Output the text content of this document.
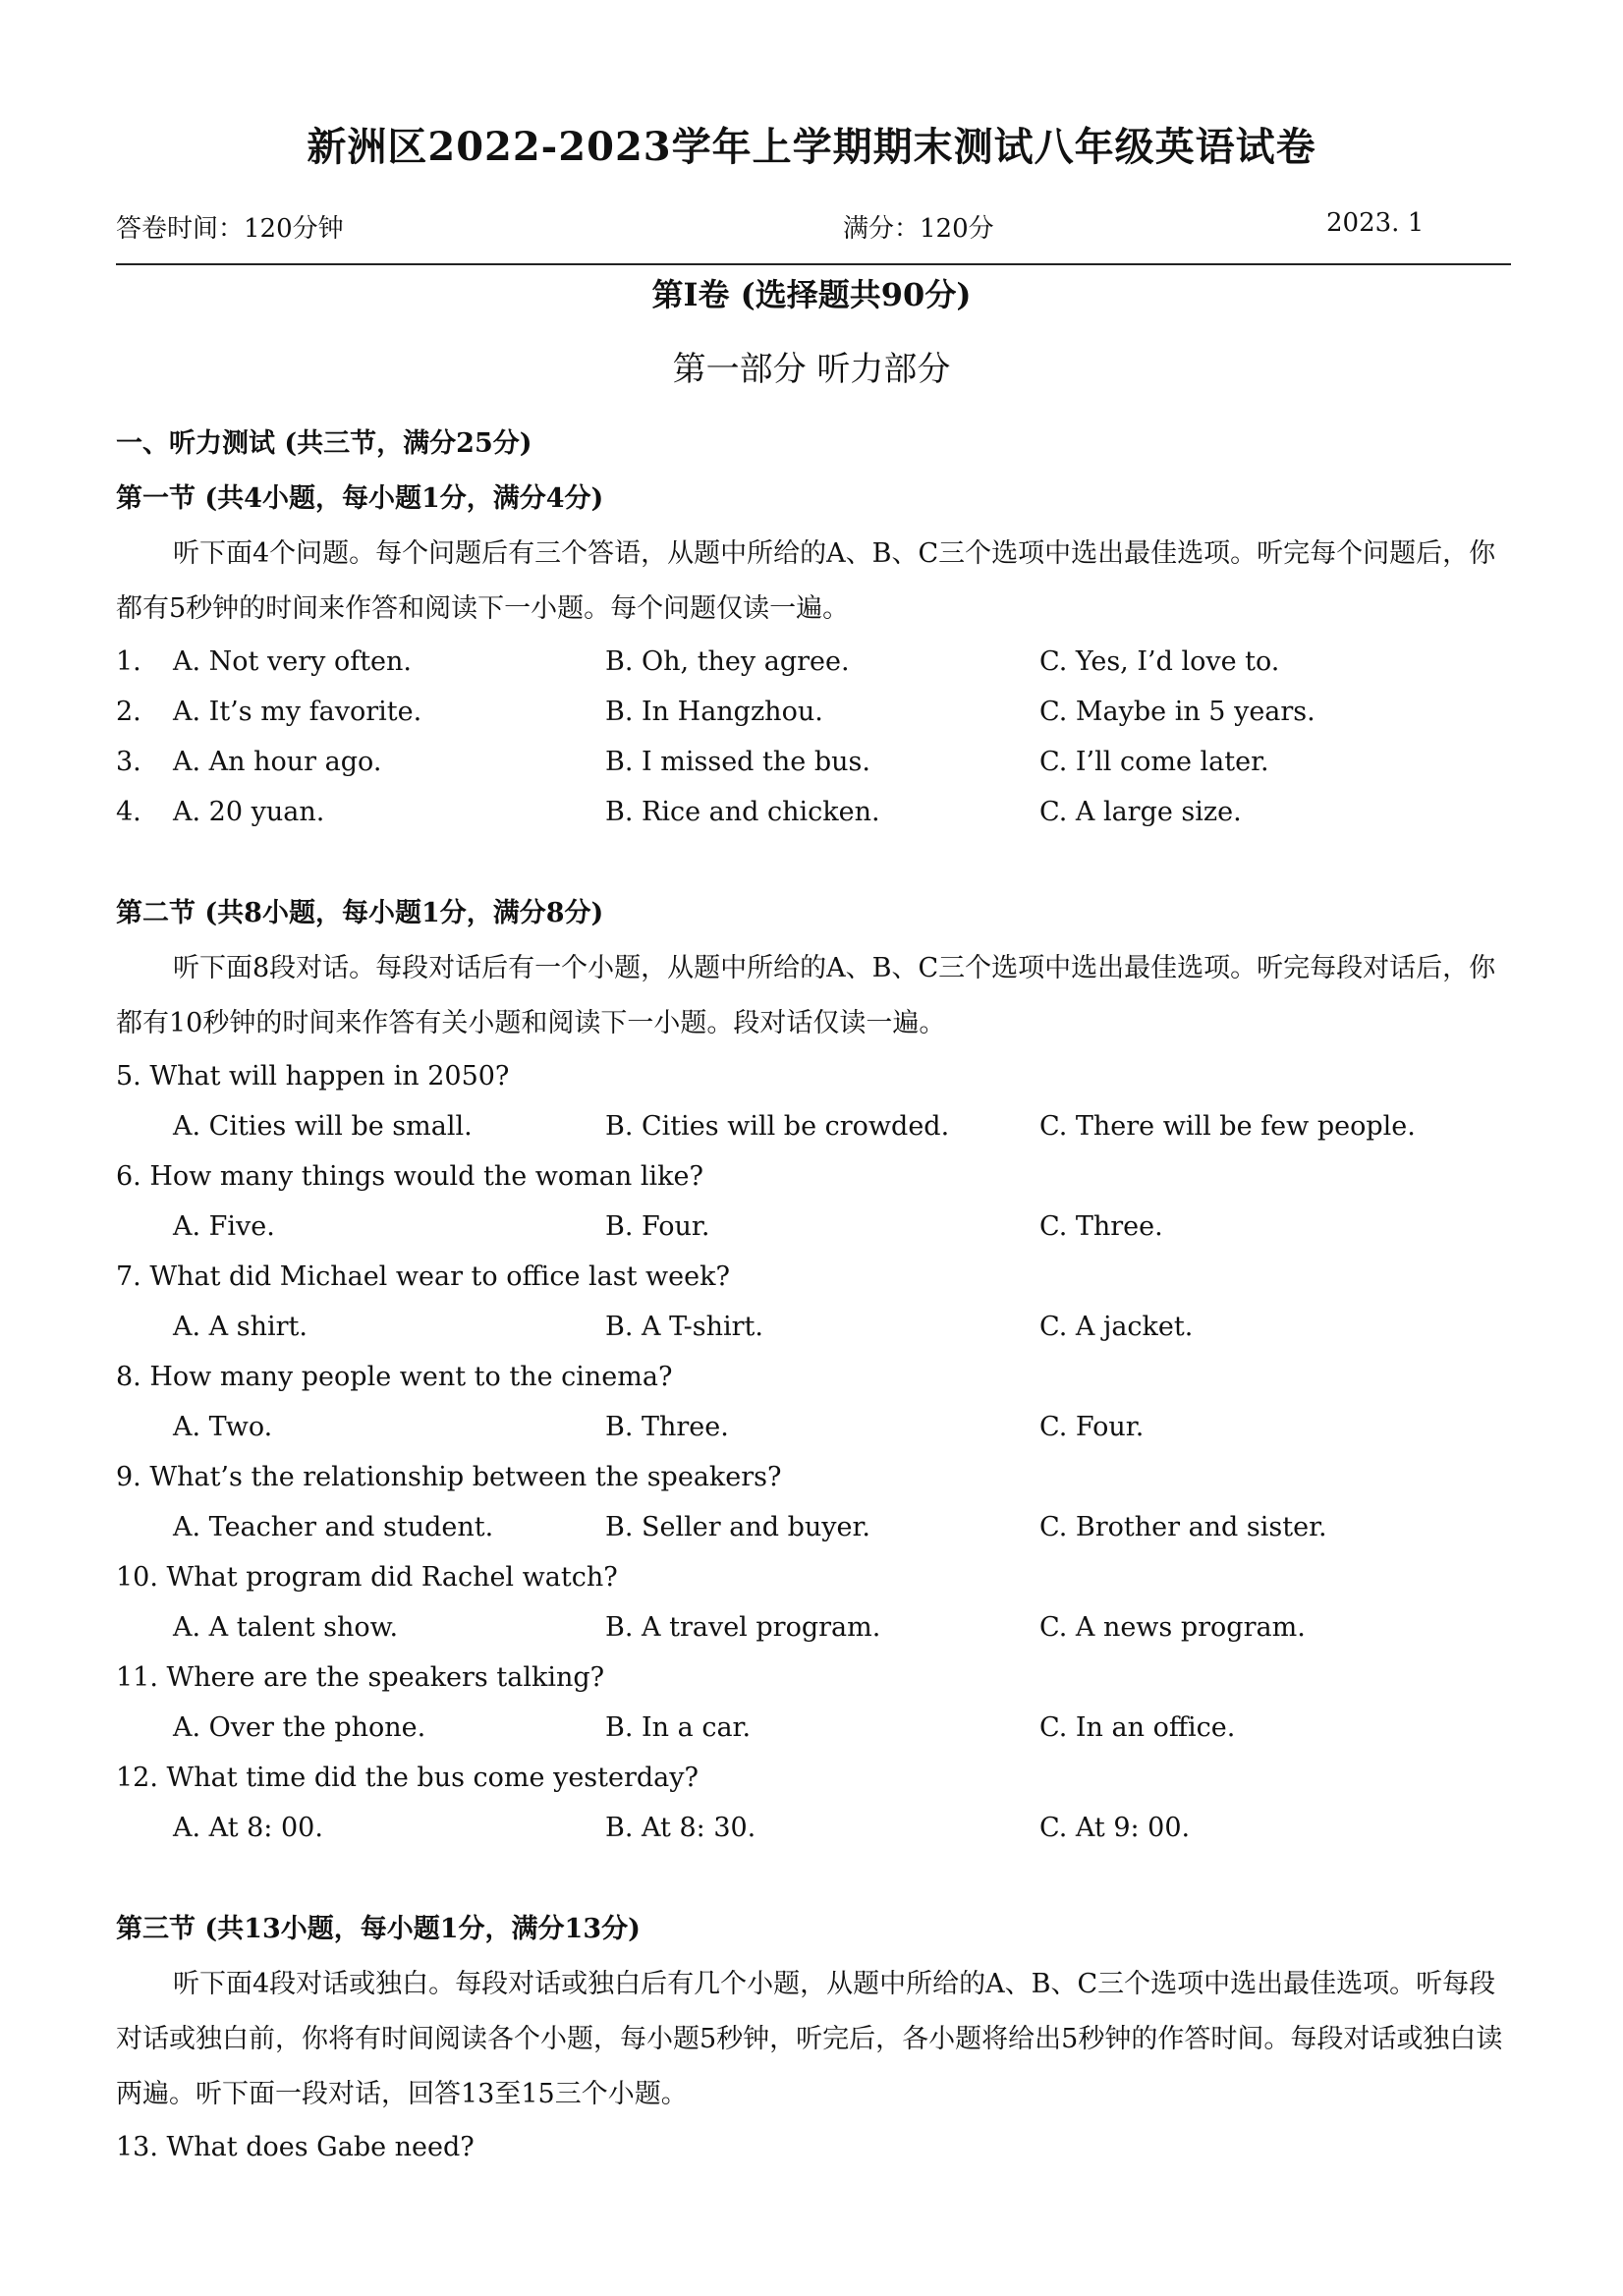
新洲区2022-2023学年上学期期末测试八年级英语试卷
答卷时间：120分钟	满分：120分	2023. 1
第Ⅰ卷 (选择题共90分)
第一部分 听力部分
一、听力测试 (共三节，满分25分)
第一节 (共4小题，每小题1分，满分4分)

听下面4个问题。每个问题后有三个答语，从题中所给的A、B、C三个选项中选出最佳选项。听完每个问题后，你都有5秒钟的时间来作答和阅读下一小题。每个问题仅读一遍。

1. A. Not very often.	B. Oh, they agree.	C. Yes, I’d love to.
2. A. It’s my favorite.	B. In Hangzhou.	C. Maybe in 5 years.
3. A. An hour ago.	B. I missed the bus.	C. I’ll come later.
4. A. 20 yuan.	B. Rice and chicken.	C. A large size.
第二节 (共8小题，每小题1分，满分8分)

听下面8段对话。每段对话后有一个小题，从题中所给的A、B、C三个选项中选出最佳选项。听完每段对话后，你都有10秒钟的时间来作答有关小题和阅读下一小题。段对话仅读一遍。

5. What will happen in 2050?
A. Cities will be small.	B. Cities will be crowded.	C. There will be few people.
6. How many things would the woman like?
A. Five.	B. Four.	C. Three.
7. What did Michael wear to office last week?
A. A shirt.	B. A T-shirt.	C. A jacket.
8. How many people went to the cinema?
A. Two.	B. Three.	C. Four.
9. What’s the relationship between the speakers?
A. Teacher and student.	B. Seller and buyer.	C. Brother and sister.
10. What program did Rachel watch?
A. A talent show.	B. A travel program.	C. A news program.
11. Where are the speakers talking?
A. Over the phone.	B. In a car.	C. In an office.
12. What time did the bus come yesterday?
A. At 8: 00.	B. At 8: 30.	C. At 9: 00.
第三节 (共13小题，每小题1分，满分13分)

听下面4段对话或独白。每段对话或独白后有几个小题，从题中所给的A、B、C三个选项中选出最佳选项。听每段对话或独白前，你将有时间阅读各个小题，每小题5秒钟，听完后，各小题将给出5秒钟的作答时间。每段对话或独白读两遍。听下面一段对话，回答13至15三个小题。

13. What does Gabe need?
